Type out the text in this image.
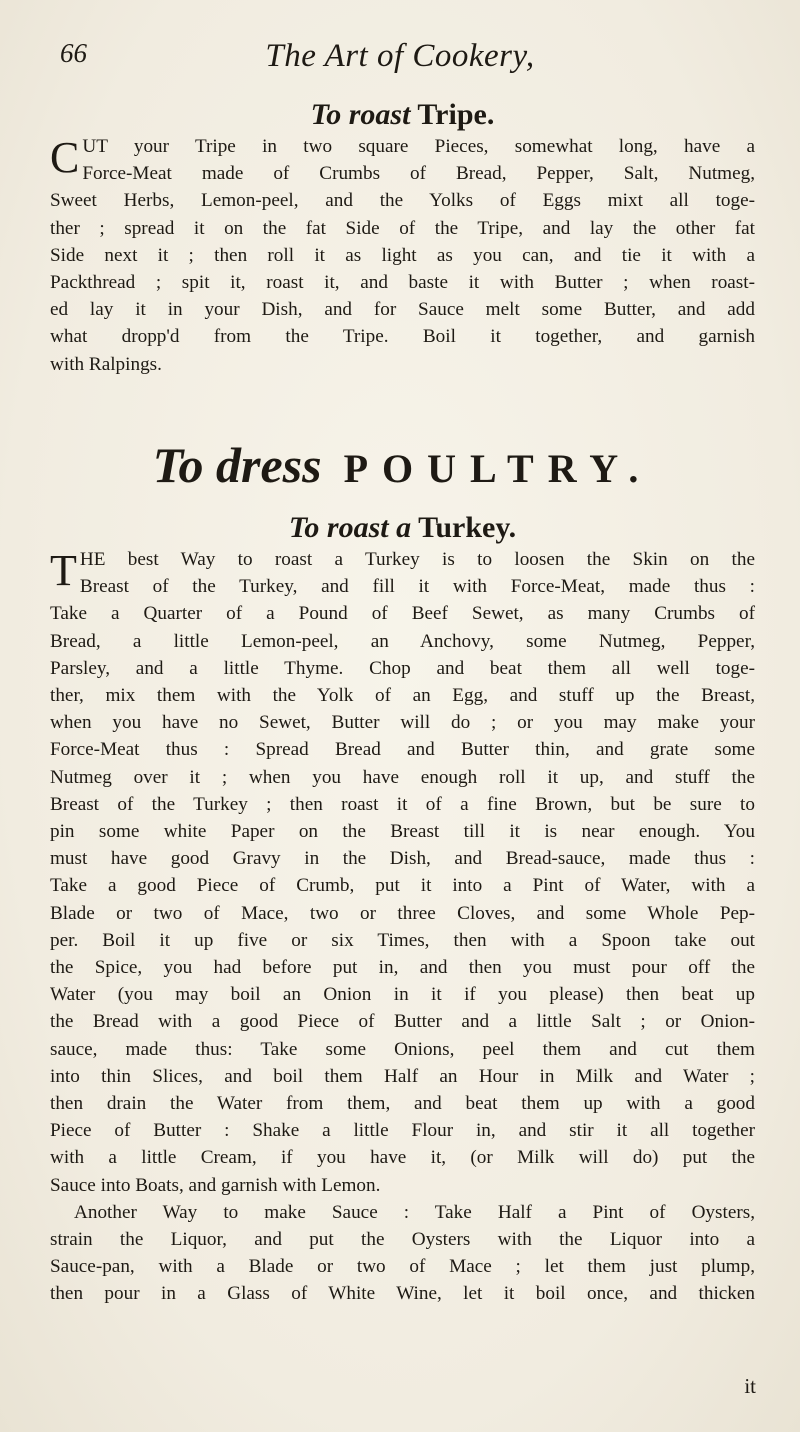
66	The Art of Cookery,
To roast Tripe.
C UT your Tripe in two square Pieces, somewhat long, have a
Force-Meat made of Crumbs of Bread, Pepper, Salt, Nutmeg,
Sweet Herbs, Lemon-peel, and the Yolks of Eggs mixt all toge-
ther ; spread it on the fat Side of the Tripe, and lay the other fat
Side next it ; then roll it as light as you can, and tie it with a
Packthread ; spit it, roast it, and baste it with Butter ; when roast-
ed lay it in your Dish, and for Sauce melt some Butter, and add
what dropp'd from the Tripe. Boil it together, and garnish
with Ralpings.
To dress POULTRY.
To roast a Turkey.
T HE best Way to roast a Turkey is to loosen the Skin on the
Breast of the Turkey, and fill it with Force-Meat, made thus :
Take a Quarter of a Pound of Beef Sewet, as many Crumbs of
Bread, a little Lemon-peel, an Anchovy, some Nutmeg, Pepper,
Parsley, and a little Thyme. Chop and beat them all well toge-
ther, mix them with the Yolk of an Egg, and stuff up the Breast,
when you have no Sewet, Butter will do ; or you may make your
Force-Meat thus : Spread Bread and Butter thin, and grate some
Nutmeg over it ; when you have enough roll it up, and stuff the
Breast of the Turkey ; then roast it of a fine Brown, but be sure to
pin some white Paper on the Breast till it is near enough. You
must have good Gravy in the Dish, and Bread-sauce, made thus :
Take a good Piece of Crumb, put it into a Pint of Water, with a
Blade or two of Mace, two or three Cloves, and some Whole Pep-
per. Boil it up five or six Times, then with a Spoon take out
the Spice, you had before put in, and then you must pour off the
Water (you may boil an Onion in it if you please) then beat up
the Bread with a good Piece of Butter and a little Salt ; or Onion-
sauce, made thus: Take some Onions, peel them and cut them
into thin Slices, and boil them Half an Hour in Milk and Water ;
then drain the Water from them, and beat them up with a good
Piece of Butter : Shake a little Flour in, and stir it all together
with a little Cream, if you have it, (or Milk will do) put the
Sauce into Boats, and garnish with Lemon.
Another Way to make Sauce : Take Half a Pint of Oysters,
strain the Liquor, and put the Oysters with the Liquor into a
Sauce-pan, with a Blade or two of Mace ; let them just plump,
then pour in a Glass of White Wine, let it boil once, and thicken
it
